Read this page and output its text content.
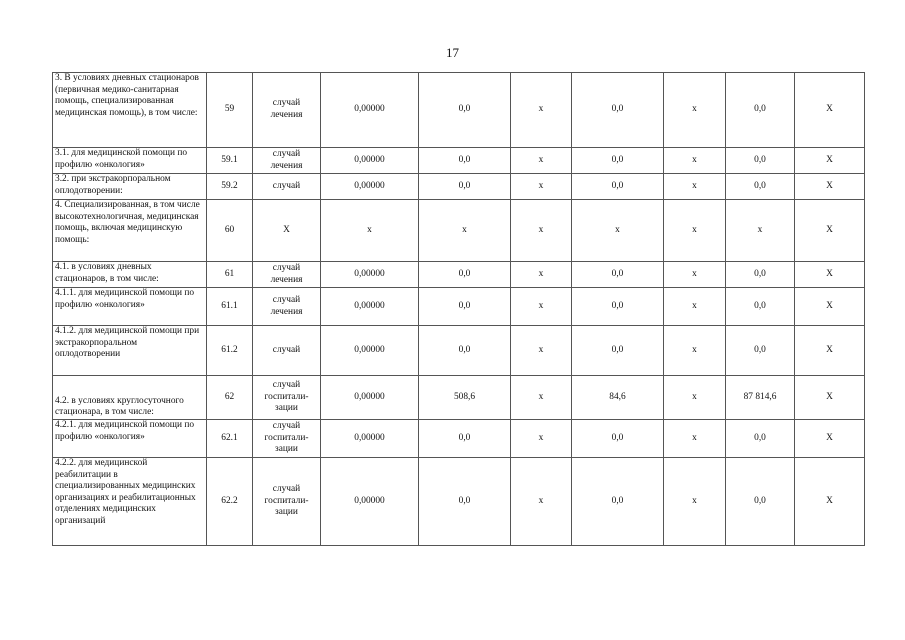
17
3. В условиях дневных стационаров (первичная медико-санитарная помощь, специализированная медицинская помощь), в том числе:	59	случай лечения	0,00000	0,0	x	0,0	x	0,0	X
3.1. для медицинской помощи по профилю «онкология»	59.1	случай лечения	0,00000	0,0	x	0,0	x	0,0	X
3.2. при экстракорпоральном оплодотворении:	59.2	случай	0,00000	0,0	x	0,0	x	0,0	X
4. Специализированная, в том числе высокотехнологичная, медицинская помощь, включая медицинскую помощь:	60	X	x	x	x	x	x	x	X
4.1. в условиях дневных стационаров, в том числе:	61	случай лечения	0,00000	0,0	x	0,0	x	0,0	X
4.1.1. для медицинской помощи по профилю «онкология»	61.1	случай лечения	0,00000	0,0	x	0,0	x	0,0	X
4.1.2. для медицинской помощи при экстракорпоральном оплодотворении	61.2	случай	0,00000	0,0	x	0,0	x	0,0	X
4.2. в условиях круглосуточного стационара, в том числе:	62	случай госпитали-зации	0,00000	508,6	x	84,6	x	87 814,6	X
4.2.1. для медицинской помощи по профилю «онкология»	62.1	случай госпитали-зации	0,00000	0,0	x	0,0	x	0,0	X
4.2.2. для медицинской реабилитации в специализированных медицинских организациях и реабилитационных отделениях медицинских организаций	62.2	случай госпитали-зации	0,00000	0,0	x	0,0	x	0,0	X
